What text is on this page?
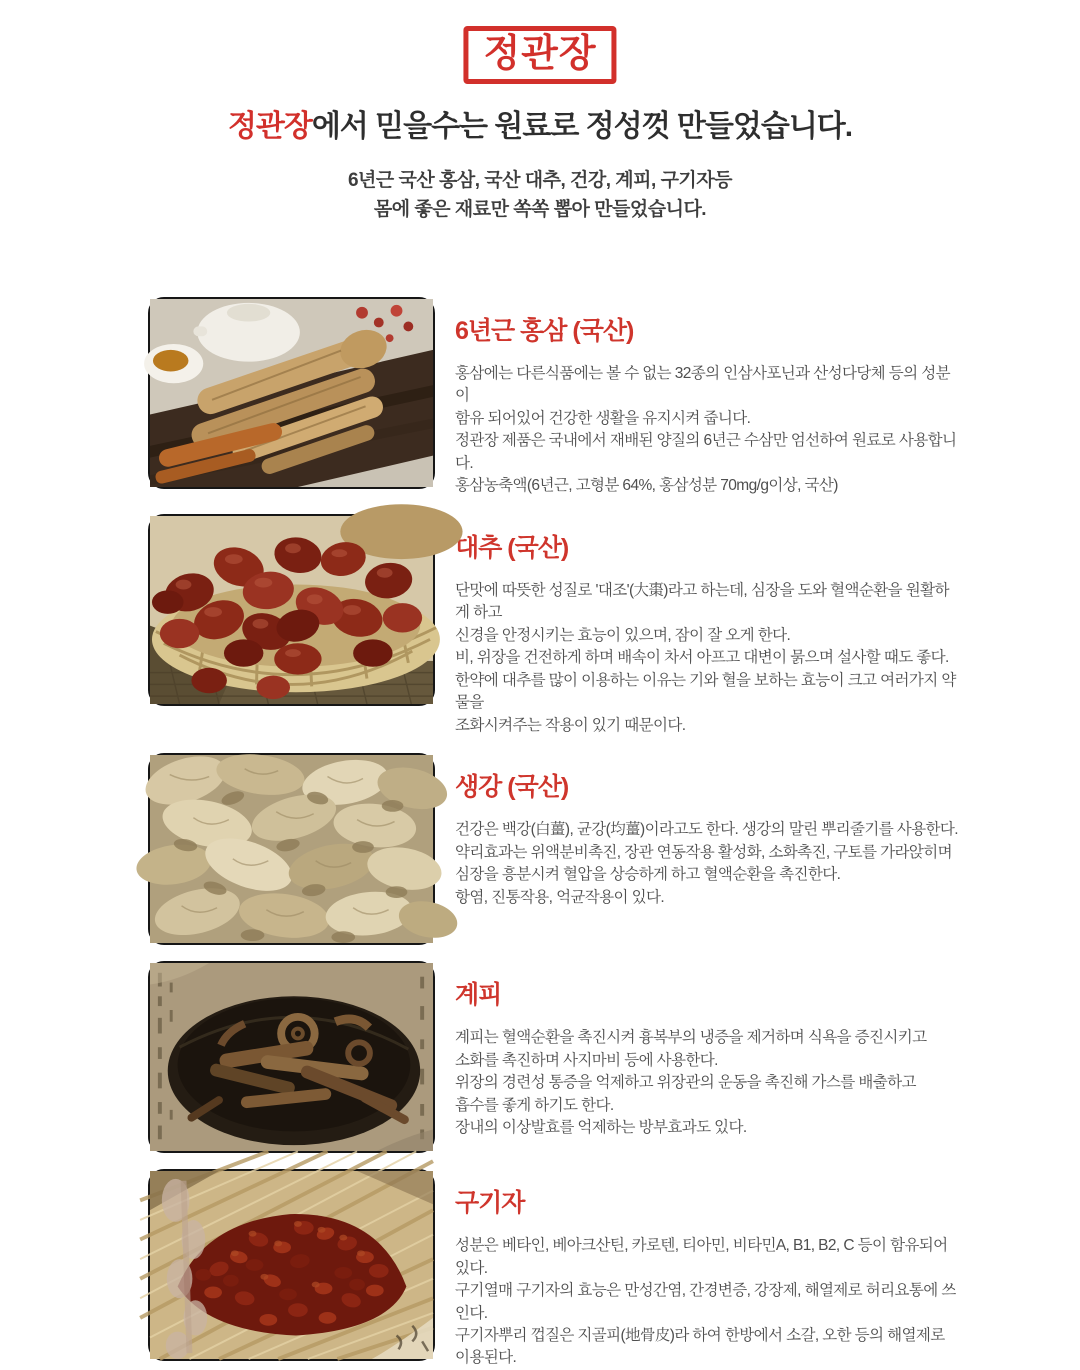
정관장
정관장에서 믿을수는 원료로 정성껏 만들었습니다.
6년근 국산 홍삼, 국산 대추, 건강, 계피, 구기자등
몸에 좋은 재료만 쏙쏙 뽑아 만들었습니다.
6년근 홍삼 (국산)

홍삼에는 다른식품에는 볼 수 없는 32종의 인삼사포닌과 산성다당체 등의 성분이

함유 되어있어 건강한 생활을 유지시켜 줍니다.

정관장 제품은 국내에서 재배된 양질의 6년근 수삼만 엄선하여 원료로 사용합니다.

홍삼농축액(6년근, 고형분 64%, 홍삼성분 70mg/g이상, 국산)

대추 (국산)

단맛에 따뜻한 성질로 '대조'(大棗)라고 하는데, 심장을 도와 혈액순환을 원활하게 하고

신경을 안정시키는 효능이 있으며, 잠이 잘 오게 한다.

비, 위장을 건전하게 하며 배속이 차서 아프고 대변이 묽으며 설사할 때도 좋다.

한약에 대추를 많이 이용하는 이유는 기와 혈을 보하는 효능이 크고 여러가지 약물을

조화시켜주는 작용이 있기 때문이다.

생강 (국산)

건강은 백강(白薑), 균강(均薑)이라고도 한다. 생강의 말린 뿌리줄기를 사용한다.

약리효과는 위액분비촉진, 장관 연동작용 활성화, 소화촉진, 구토를 가라앉히며

심장을 흥분시켜 혈압을 상승하게 하고 혈액순환을 촉진한다.

항염, 진통작용, 억균작용이 있다.

계피

계피는 혈액순환을 촉진시켜 흉복부의 냉증을 제거하며 식욕을 증진시키고

소화를 촉진하며 사지마비 등에 사용한다.

위장의 경련성 통증을 억제하고 위장관의 운동을 촉진해 가스를 배출하고

흡수를 좋게 하기도 한다.

장내의 이상발효를 억제하는 방부효과도 있다.

구기자

성분은 베타인, 베아크산틴, 카로텐, 티아민, 비타민A, B1, B2, C 등이 함유되어 있다.

구기열매 구기자의 효능은 만성간염, 간경변증, 강장제, 해열제로 허리요통에 쓰인다.

구기자뿌리 껍질은 지골피(地骨皮)라 하여 한방에서 소갈, 오한 등의 해열제로 이용된다.
